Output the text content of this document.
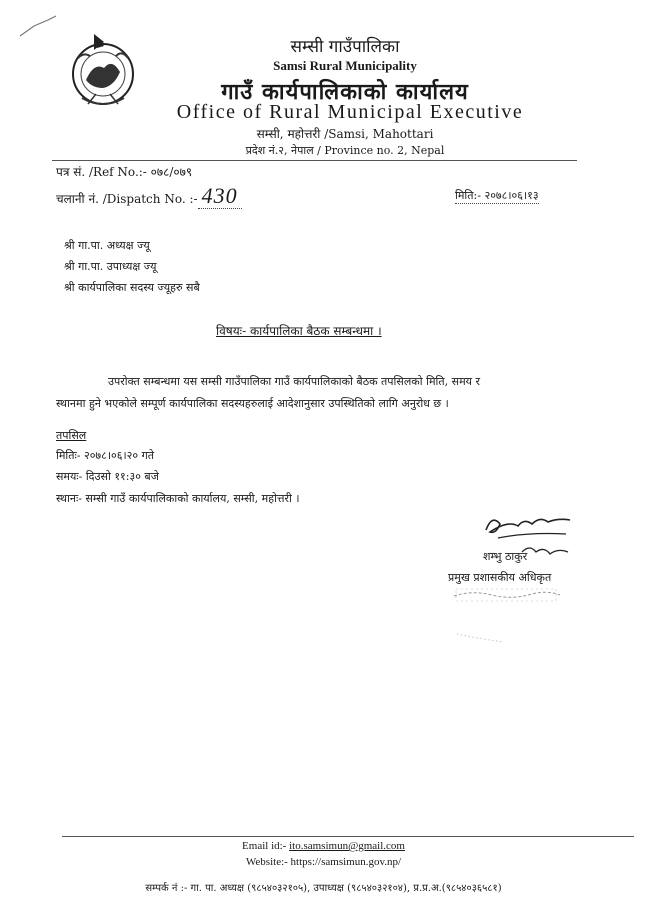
सम्सी गाउँपालिका
Samsi Rural Municipality
गाउँ कार्यपालिकाको कार्यालय
Office of Rural Municipal Executive
सम्सी, महोत्तरी /Samsi, Mahottari
प्रदेश नं.२, नेपाल / Province no. 2, Nepal
पत्र सं. /Ref No.:- ०७८/०७९
चलानी नं. /Dispatch No. :- 430	मिति:- २०७८।०६।१३
श्री गा.पा. अध्यक्ष ज्यू
श्री गा.पा. उपाध्यक्ष ज्यू
श्री कार्यपालिका सदस्य ज्यूहरु सबै
विषयः- कार्यपालिका बैठक सम्बन्धमा ।
उपरोक्त सम्बन्धमा यस सम्सी गाउँपालिका गाउँ कार्यपालिकाको बैठक तपसिलको मिति, समय र
स्थानमा हुने भएकोले सम्पूर्ण कार्यपालिका सदस्यहरुलाई आदेशानुसार उपस्थितिको लागि अनुरोध छ ।
तपसिल
मितिः- २०७८।०६।२० गते
समयः- दिउसो ११:३० बजे
स्थानः- सम्सी गाउँ कार्यपालिकाको कार्यालय, सम्सी, महोत्तरी ।
शम्भु ठाकुर
प्रमुख प्रशासकीय अधिकृत
Email id:- ito.samsimun@gmail.com
Website:- https://samsimun.gov.np/
सम्पर्क नं :- गा. पा. अध्यक्ष (९८५४०३२१०५), उपाध्यक्ष (९८५४०३२१०४), प्र.प्र.अ.(९८५४०३६५८१)
